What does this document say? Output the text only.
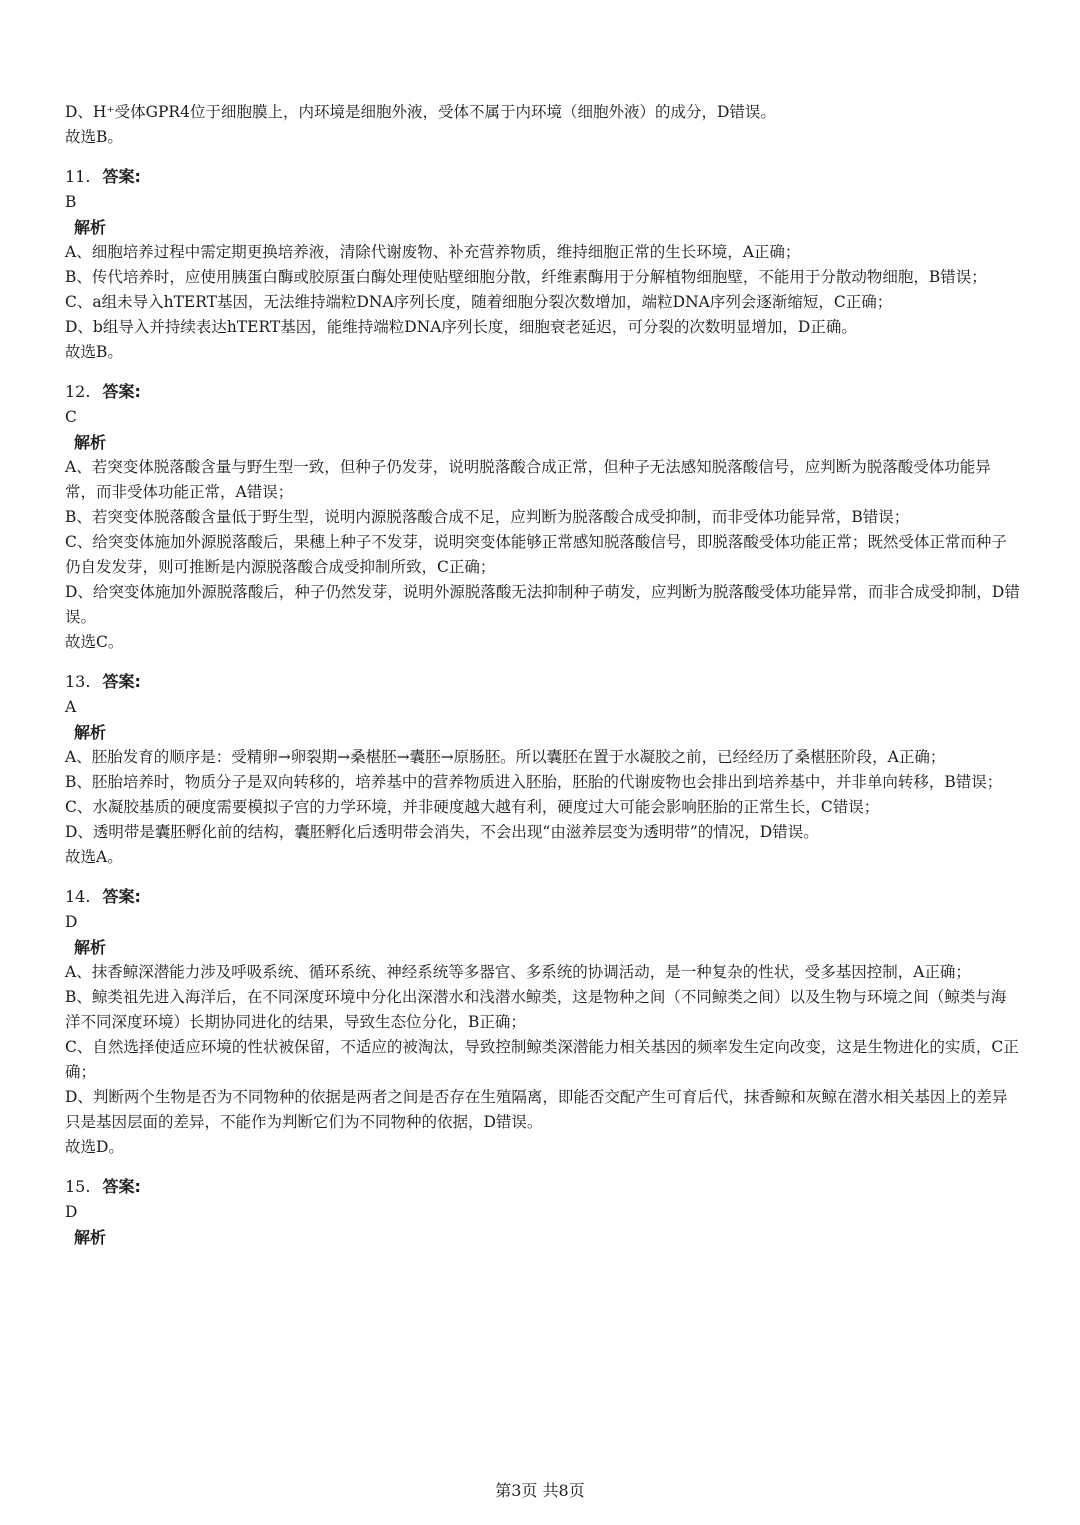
D、H⁺受体GPR4位于细胞膜上，内环境是细胞外液，受体不属于内环境（细胞外液）的成分，D错误。

故选B。

11. 答案:

B

解析

A、细胞培养过程中需定期更换培养液，清除代谢废物、补充营养物质，维持细胞正常的生长环境，A正确；

B、传代培养时，应使用胰蛋白酶或胶原蛋白酶处理使贴壁细胞分散，纤维素酶用于分解植物细胞壁，不能用于分散动物细胞，B错误；

C、a组未导入hTERT基因，无法维持端粒DNA序列长度，随着细胞分裂次数增加，端粒DNA序列会逐渐缩短，C正确；

D、b组导入并持续表达hTERT基因，能维持端粒DNA序列长度，细胞衰老延迟，可分裂的次数明显增加，D正确。

故选B。

12. 答案:

C

解析

A、若突变体脱落酸含量与野生型一致，但种子仍发芽，说明脱落酸合成正常，但种子无法感知脱落酸信号，应判断为脱落酸受体功能异常，而非受体功能正常，A错误；

B、若突变体脱落酸含量低于野生型，说明内源脱落酸合成不足，应判断为脱落酸合成受抑制，而非受体功能异常，B错误；

C、给突变体施加外源脱落酸后，果穗上种子不发芽，说明突变体能够正常感知脱落酸信号，即脱落酸受体功能正常；既然受体正常而种子仍自发发芽，则可推断是内源脱落酸合成受抑制所致，C正确；

D、给突变体施加外源脱落酸后，种子仍然发芽，说明外源脱落酸无法抑制种子萌发，应判断为脱落酸受体功能异常，而非合成受抑制，D错误。

故选C。

13. 答案:

A

解析

A、胚胎发育的顺序是：受精卵→卵裂期→桑椹胚→囊胚→原肠胚。所以囊胚在置于水凝胶之前，已经经历了桑椹胚阶段，A正确；

B、胚胎培养时，物质分子是双向转移的，培养基中的营养物质进入胚胎，胚胎的代谢废物也会排出到培养基中，并非单向转移，B错误；

C、水凝胶基质的硬度需要模拟子宫的力学环境，并非硬度越大越有利，硬度过大可能会影响胚胎的正常生长，C错误；

D、透明带是囊胚孵化前的结构，囊胚孵化后透明带会消失，不会出现“由滋养层变为透明带”的情况，D错误。

故选A。

14. 答案:

D

解析

A、抹香鲸深潜能力涉及呼吸系统、循环系统、神经系统等多器官、多系统的协调活动，是一种复杂的性状，受多基因控制，A正确；

B、鲸类祖先进入海洋后，在不同深度环境中分化出深潜水和浅潜水鲸类，这是物种之间（不同鲸类之间）以及生物与环境之间（鲸类与海洋不同深度环境）长期协同进化的结果，导致生态位分化，B正确；

C、自然选择使适应环境的性状被保留，不适应的被淘汰，导致控制鲸类深潜能力相关基因的频率发生定向改变，这是生物进化的实质，C正确；

D、判断两个生物是否为不同物种的依据是两者之间是否存在生殖隔离，即能否交配产生可育后代，抹香鲸和灰鲸在潜水相关基因上的差异只是基因层面的差异，不能作为判断它们为不同物种的依据，D错误。

故选D。

15. 答案:

D

解析

第3页 共8页
